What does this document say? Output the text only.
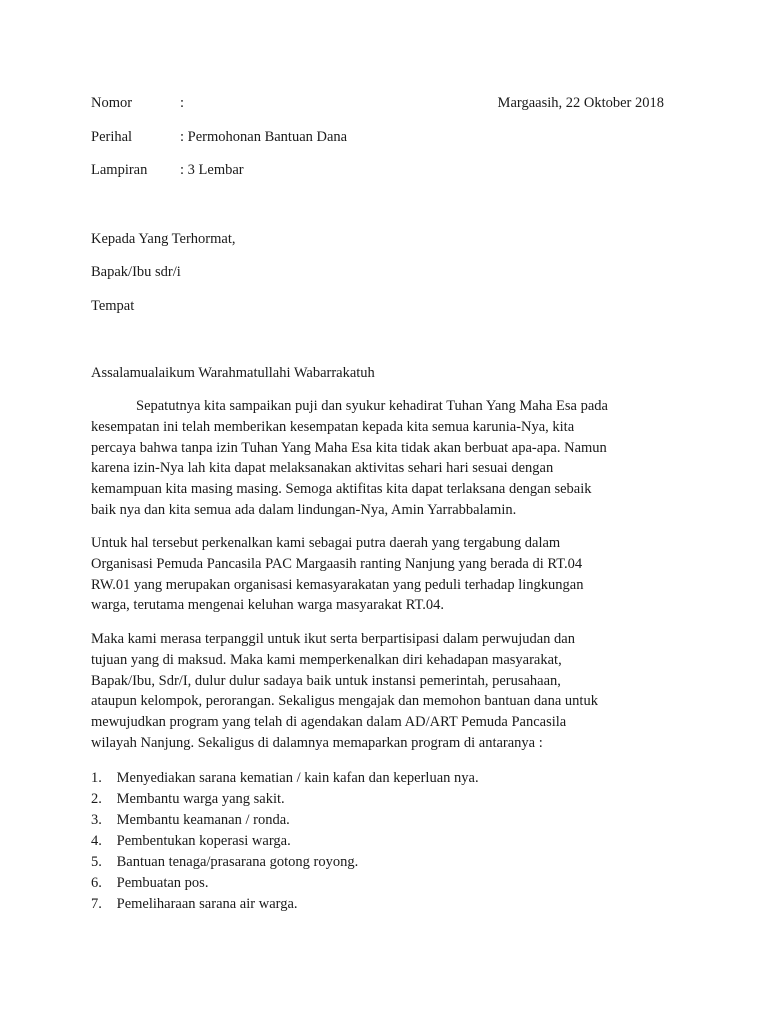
Nomor	:	Margaasih, 22 Oktober 2018
Perihal	: Permohonan Bantuan Dana
Lampiran : 3 Lembar
Kepada Yang Terhormat,
Bapak/Ibu sdr/i
Tempat
Assalamualaikum Warahmatullahi Wabarrakatuh

Sepatutnya kita sampaikan puji dan syukur kehadirat Tuhan Yang Maha Esa pada
kesempatan ini telah memberikan kesempatan kepada kita semua karunia-Nya, kita
percaya bahwa tanpa izin Tuhan Yang Maha Esa kita tidak akan berbuat apa-apa. Namun
karena izin-Nya lah kita dapat melaksanakan aktivitas sehari hari sesuai dengan
kemampuan kita masing masing. Semoga aktifitas kita dapat terlaksana dengan sebaik
baik nya dan kita semua ada dalam lindungan-Nya, Amin Yarrabbalamin.

Untuk hal tersebut perkenalkan kami sebagai putra daerah yang tergabung dalam
Organisasi Pemuda Pancasila PAC Margaasih ranting Nanjung yang berada di RT.04
RW.01 yang merupakan organisasi kemasyarakatan yang peduli terhadap lingkungan
warga, terutama mengenai keluhan warga masyarakat RT.04.

Maka kami merasa terpanggil untuk ikut serta berpartisipasi dalam perwujudan dan
tujuan yang di maksud. Maka kami memperkenalkan diri kehadapan masyarakat,
Bapak/Ibu, Sdr/I, dulur dulur sadaya baik untuk instansi pemerintah, perusahaan,
ataupun kelompok, perorangan. Sekaligus mengajak dan memohon bantuan dana untuk
mewujudkan program yang telah di agendakan dalam AD/ART Pemuda Pancasila
wilayah Nanjung. Sekaligus di dalamnya memaparkan program di antaranya :

1. Menyediakan sarana kematian / kain kafan dan keperluan nya.
2. Membantu warga yang sakit.
3. Membantu keamanan / ronda.
4. Pembentukan koperasi warga.
5. Bantuan tenaga/prasarana gotong royong.
6. Pembuatan pos.
7. Pemeliharaan sarana air warga.
